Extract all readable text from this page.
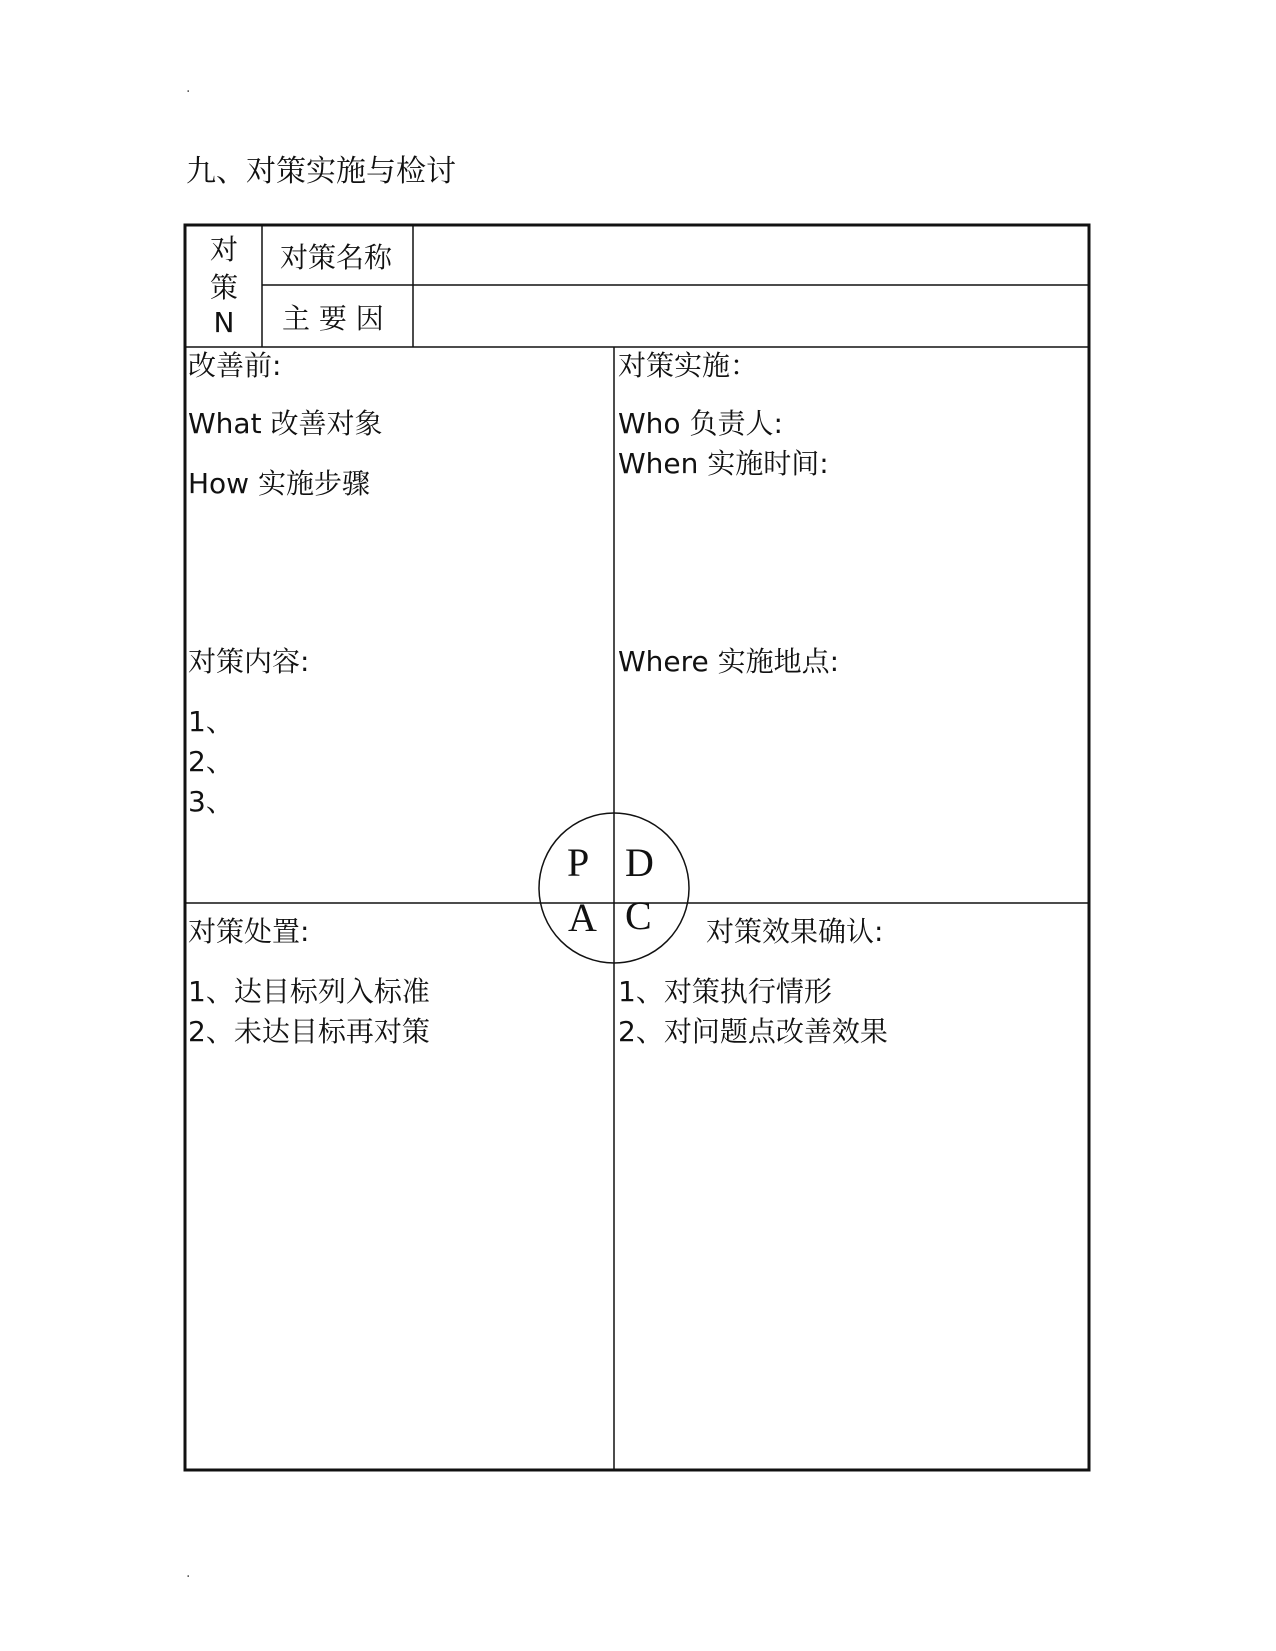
.
.
九、对策实施与检讨
对
策
N
对策名称
主 要 因
改善前:
What 改善对象
How 实施步骤
对策内容:
1、
2、
3、
对策实施：
Who 负责人:
When 实施时间:
Where 实施地点:
对策处置:
1、达目标列入标准
2、未达目标再对策
对策效果确认:
1、对策执行情形
2、对问题点改善效果
P D
A C
